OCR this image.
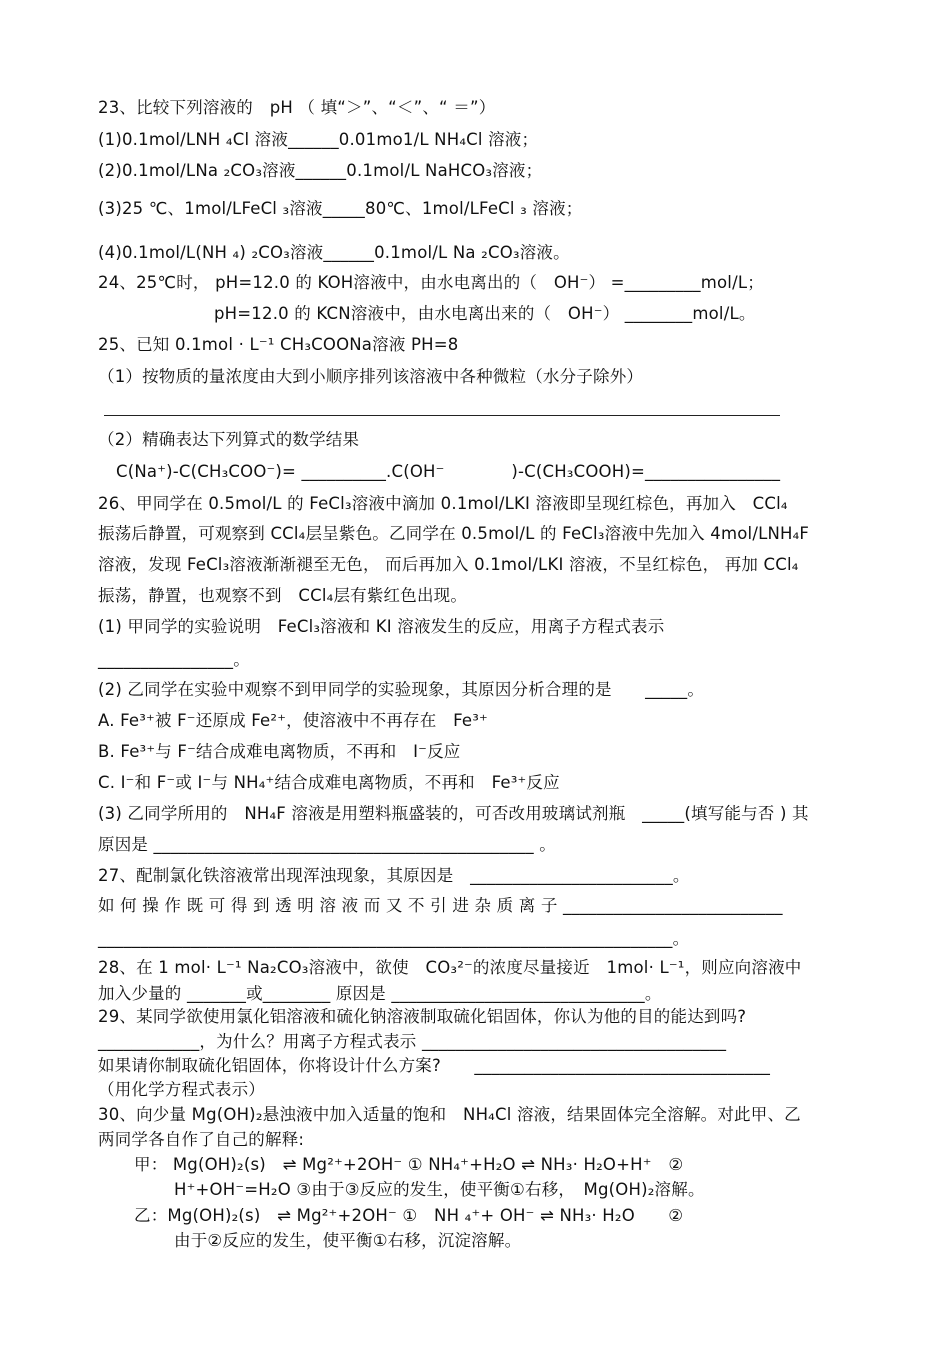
23、比较下列溶液的　pH （ 填“＞”、“＜”、“ ＝”）
(1)0.1mol/LNH ₄Cl 溶液______0.01mo1/L NH₄Cl 溶液；
(2)0.1mol/LNa ₂CO₃溶液______0.1mol/L NaHCO₃溶液；
(3)25 ℃、1mol/LFeCl ₃溶液_____80℃、1mol/LFeCl ₃ 溶液；
(4)0.1mol/L(NH ₄) ₂CO₃溶液______0.1mol/L Na ₂CO₃溶液。
24、25℃时， pH=12.0 的 KOH溶液中，由水电离出的（　OH⁻） =_________mol/L；
pH=12.0 的 KCN溶液中，由水电离出来的（　OH⁻） ________mol/L。
25、已知 0.1mol · L⁻¹ CH₃COONa溶液 PH=8
（1）按物质的量浓度由大到小顺序排列该溶液中各种微粒（水分子除外）
（2）精确表达下列算式的数学结果
C(Na⁺)-C(CH₃COO⁻)= __________.C(OH⁻　　　　)-C(CH₃COOH)=________________
26、甲同学在 0.5mol/L 的 FeCl₃溶液中滴加 0.1mol/LKI 溶液即呈现红棕色，再加入　CCl₄
振荡后静置，可观察到 CCl₄层呈紫色。乙同学在 0.5mol/L 的 FeCl₃溶液中先加入 4mol/LNH₄F
溶液，发现 FeCl₃溶液渐渐褪至无色， 而后再加入 0.1mol/LKI 溶液，不呈红棕色， 再加 CCl₄
振荡，静置，也观察不到　CCl₄层有紫红色出现。
(1) 甲同学的实验说明　FeCl₃溶液和 KI 溶液发生的反应，用离子方程式表示
________________。
(2) 乙同学在实验中观察不到甲同学的实验现象，其原因分析合理的是　　_____。
A. Fe³⁺被 F⁻还原成 Fe²⁺，使溶液中不再存在　Fe³⁺
B. Fe³⁺与 F⁻结合成难电离物质，不再和　I⁻反应
C. I⁻和 F⁻或 I⁻与 NH₄⁺结合成难电离物质，不再和　Fe³⁺反应
(3) 乙同学所用的　NH₄F 溶液是用塑料瓶盛装的，可否改用玻璃试剂瓶　_____(填写能与否 ) 其
原因是 _____________________________________________ 。
27、配制氯化铁溶液常出现浑浊现象，其原因是　________________________。
如 何 操 作 既 可 得 到 透 明 溶 液 而 又 不 引 进 杂 质 离 子 __________________________
____________________________________________________________________。
28、在 1 mol· L⁻¹ Na₂CO₃溶液中，欲使　CO₃²⁻的浓度尽量接近　1mol· L⁻¹，则应向溶液中
加入少量的 _______或________ 原因是 ______________________________。
29、某同学欲使用氯化铝溶液和硫化钠溶液制取硫化铝固体，你认为他的目的能达到吗?
____________，为什么？用离子方程式表示 ____________________________________
如果请你制取硫化铝固体，你将设计什么方案?　　___________________________________
（用化学方程式表示）
30、向少量 Mg(OH)₂悬浊液中加入适量的饱和　NH₄Cl 溶液，结果固体完全溶解。对此甲、乙
两同学各自作了自己的解释:
甲： Mg(OH)₂(s)　⇌ Mg²⁺+2OH⁻ ① NH₄⁺+H₂O ⇌ NH₃· H₂O+H⁺　②
H⁺+OH⁻=H₂O ③由于③反应的发生，使平衡①右移，　Mg(OH)₂溶解。
乙：Mg(OH)₂(s)　⇌ Mg²⁺+2OH⁻ ①　NH ₄⁺+ OH⁻ ⇌ NH₃· H₂O　　②
由于②反应的发生，使平衡①右移，沉淀溶解。
